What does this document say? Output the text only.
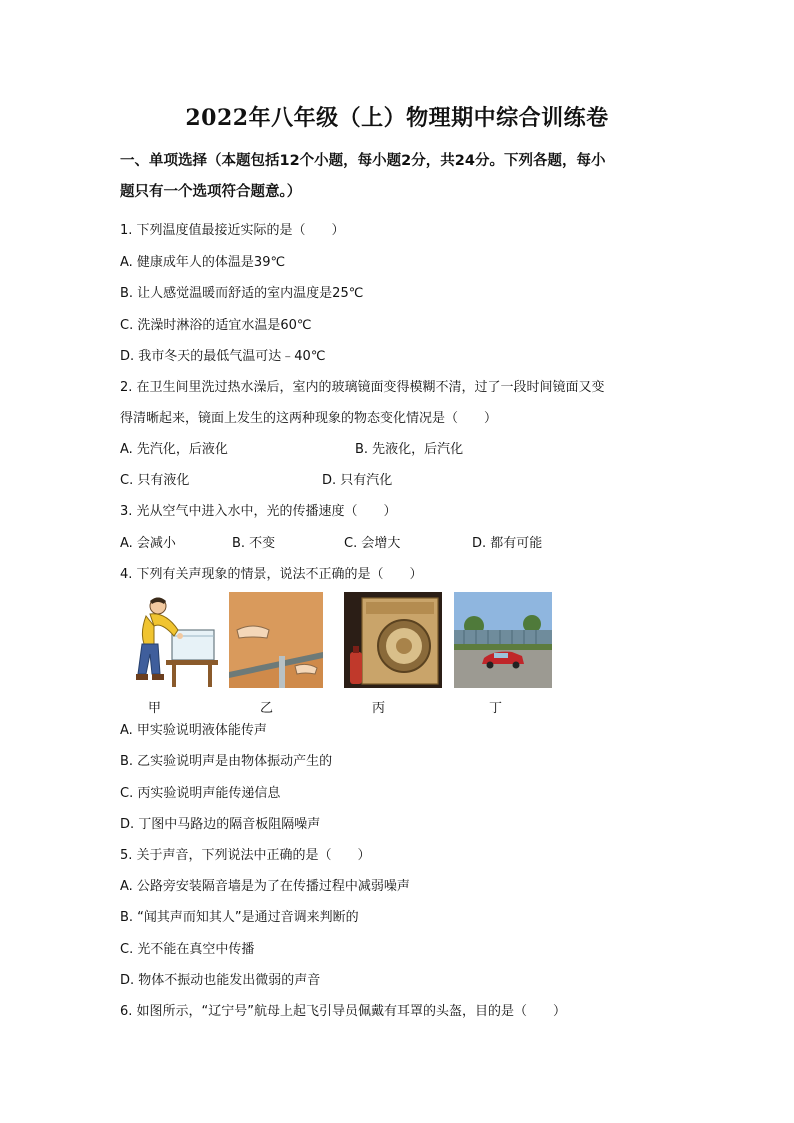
2022年八年级（上）物理期中综合训练卷
一、单项选择（本题包括12个小题，每小题2分，共24分。下列各题，每小
题只有一个选项符合题意。）
1. 下列温度值最接近实际的是（　　）
A. 健康成年人的体温是39℃
B. 让人感觉温暖而舒适的室内温度是25℃
C. 洗澡时淋浴的适宜水温是60℃
D. 我市冬天的最低气温可达﹣40℃
2. 在卫生间里洗过热水澡后，室内的玻璃镜面变得模糊不清，过了一段时间镜面又变
得清晰起来，镜面上发生的这两种现象的物态变化情况是（　　）
A. 先汽化，后液化	B. 先液化，后汽化
C. 只有液化	D. 只有汽化
3. 光从空气中进入水中，光的传播速度（　　）
A. 会减小	B. 不变	C. 会增大	D. 都有可能
4. 下列有关声现象的情景，说法不正确的是（　　）
甲	乙	丙	丁
A. 甲实验说明液体能传声
B. 乙实验说明声是由物体振动产生的
C. 丙实验说明声能传递信息
D. 丁图中马路边的隔音板阻隔噪声
5. 关于声音，下列说法中正确的是（　　）
A. 公路旁安装隔音墙是为了在传播过程中减弱噪声
B. “闻其声而知其人”是通过音调来判断的
C. 光不能在真空中传播
D. 物体不振动也能发出微弱的声音
6. 如图所示，“辽宁号”航母上起飞引导员佩戴有耳罩的头盔，目的是（　　）
